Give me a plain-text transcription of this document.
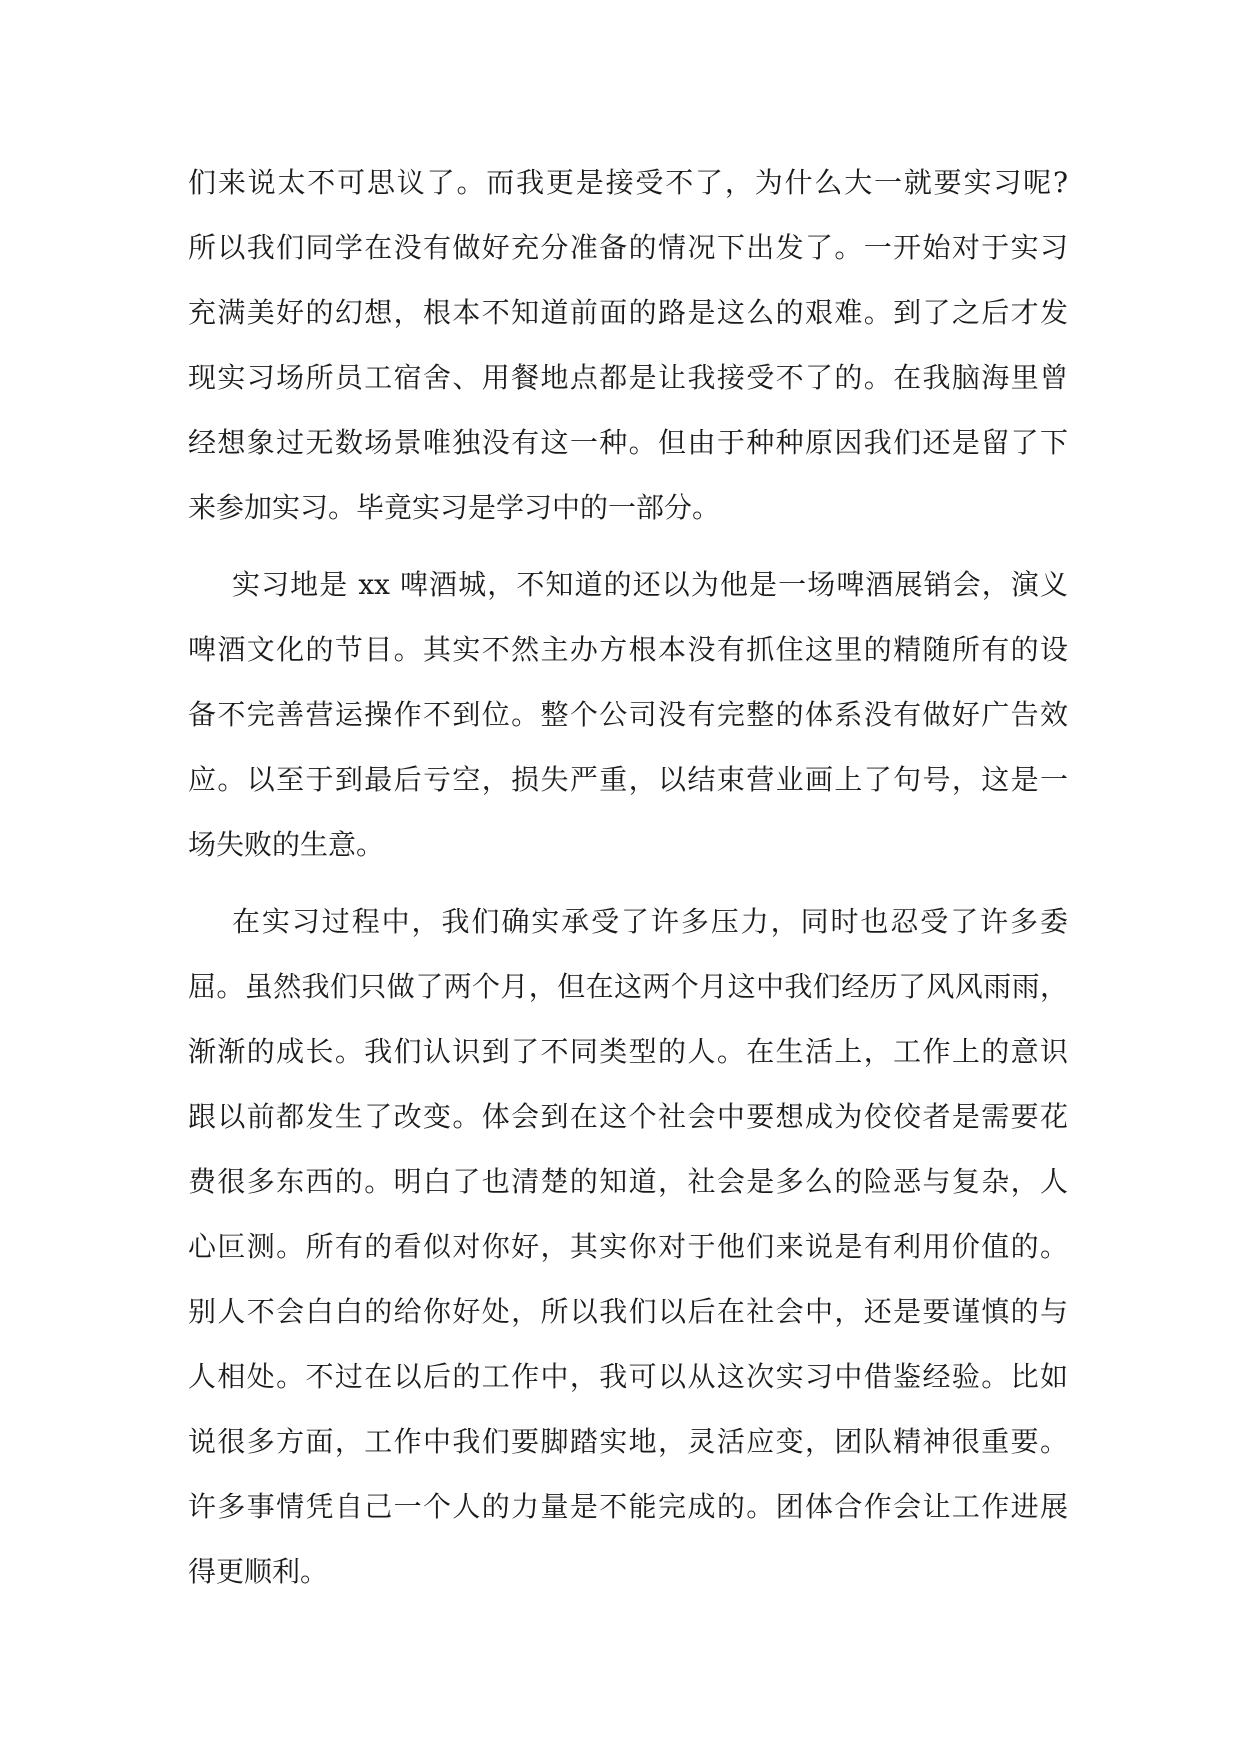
们来说太不可思议了。而我更是接受不了，为什么大一就要实习呢?
所以我们同学在没有做好充分准备的情况下出发了。一开始对于实习
充满美好的幻想，根本不知道前面的路是这么的艰难。到了之后才发
现实习场所员工宿舍、用餐地点都是让我接受不了的。在我脑海里曾
经想象过无数场景唯独没有这一种。但由于种种原因我们还是留了下
来参加实习。毕竟实习是学习中的一部分。
实习地是 xx 啤酒城，不知道的还以为他是一场啤酒展销会，演义
啤酒文化的节目。其实不然主办方根本没有抓住这里的精随所有的设
备不完善营运操作不到位。整个公司没有完整的体系没有做好广告效
应。以至于到最后亏空，损失严重，以结束营业画上了句号，这是一
场失败的生意。
在实习过程中，我们确实承受了许多压力，同时也忍受了许多委
屈。虽然我们只做了两个月，但在这两个月这中我们经历了风风雨雨，
渐渐的成长。我们认识到了不同类型的人。在生活上，工作上的意识
跟以前都发生了改变。体会到在这个社会中要想成为佼佼者是需要花
费很多东西的。明白了也清楚的知道，社会是多么的险恶与复杂，人
心叵测。所有的看似对你好，其实你对于他们来说是有利用价值的。
别人不会白白的给你好处，所以我们以后在社会中，还是要谨慎的与
人相处。不过在以后的工作中，我可以从这次实习中借鉴经验。比如
说很多方面，工作中我们要脚踏实地，灵活应变，团队精神很重要。
许多事情凭自己一个人的力量是不能完成的。团体合作会让工作进展
得更顺利。
